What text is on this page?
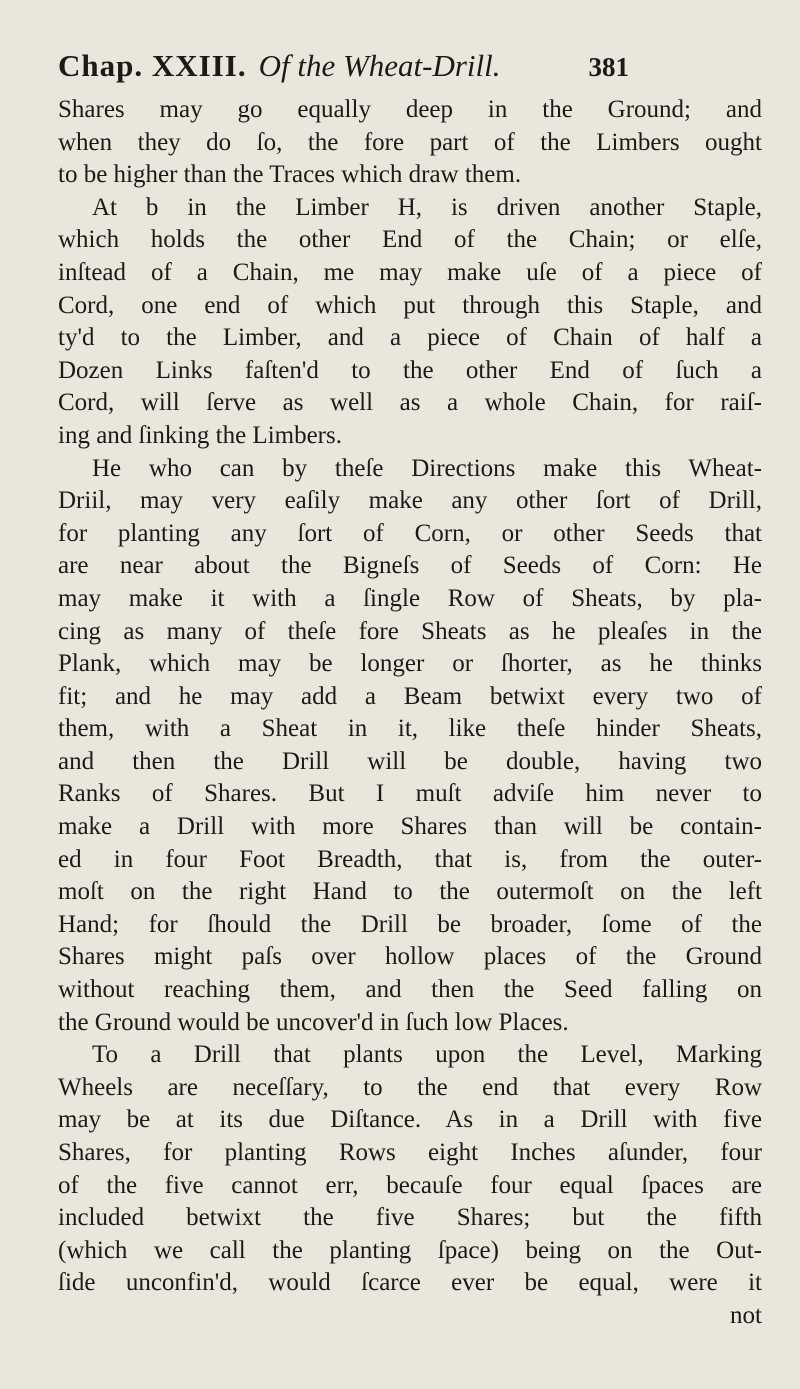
Chap. XXIII. Of the Wheat-Drill.	381
Shares may go equally deep in the Ground; and
when they do ſo, the fore part of the Limbers ought
to be higher than the Traces which draw them.
At b in the Limber H, is driven another Staple,
which holds the other End of the Chain; or elſe,
inſtead of a Chain, me may make uſe of a piece of
Cord, one end of which put through this Staple, and
ty'd to the Limber, and a piece of Chain of half a
Dozen Links faſten'd to the other End of ſuch a
Cord, will ſerve as well as a whole Chain, for raiſ-
ing and ſinking the Limbers.
He who can by theſe Directions make this Wheat-
Driil, may very eaſily make any other ſort of Drill,
for planting any ſort of Corn, or other Seeds that
are near about the Bigneſs of Seeds of Corn: He
may make it with a ſingle Row of Sheats, by pla-
cing as many of theſe fore Sheats as he pleaſes in the
Plank, which may be longer or ſhorter, as he thinks
fit; and he may add a Beam betwixt every two of
them, with a Sheat in it, like theſe hinder Sheats,
and then the Drill will be double, having two
Ranks of Shares. But I muſt adviſe him never to
make a Drill with more Shares than will be contain-
ed in four Foot Breadth, that is, from the outer-
moſt on the right Hand to the outermoſt on the left
Hand; for ſhould the Drill be broader, ſome of the
Shares might paſs over hollow places of the Ground
without reaching them, and then the Seed falling on
the Ground would be uncover'd in ſuch low Places.
To a Drill that plants upon the Level, Marking
Wheels are neceſſary, to the end that every Row
may be at its due Diſtance. As in a Drill with five
Shares, for planting Rows eight Inches aſunder, four
of the five cannot err, becauſe four equal ſpaces are
included betwixt the five Shares; but the fifth
(which we call the planting ſpace) being on the Out-
ſide unconfin'd, would ſcarce ever be equal, were it
not
